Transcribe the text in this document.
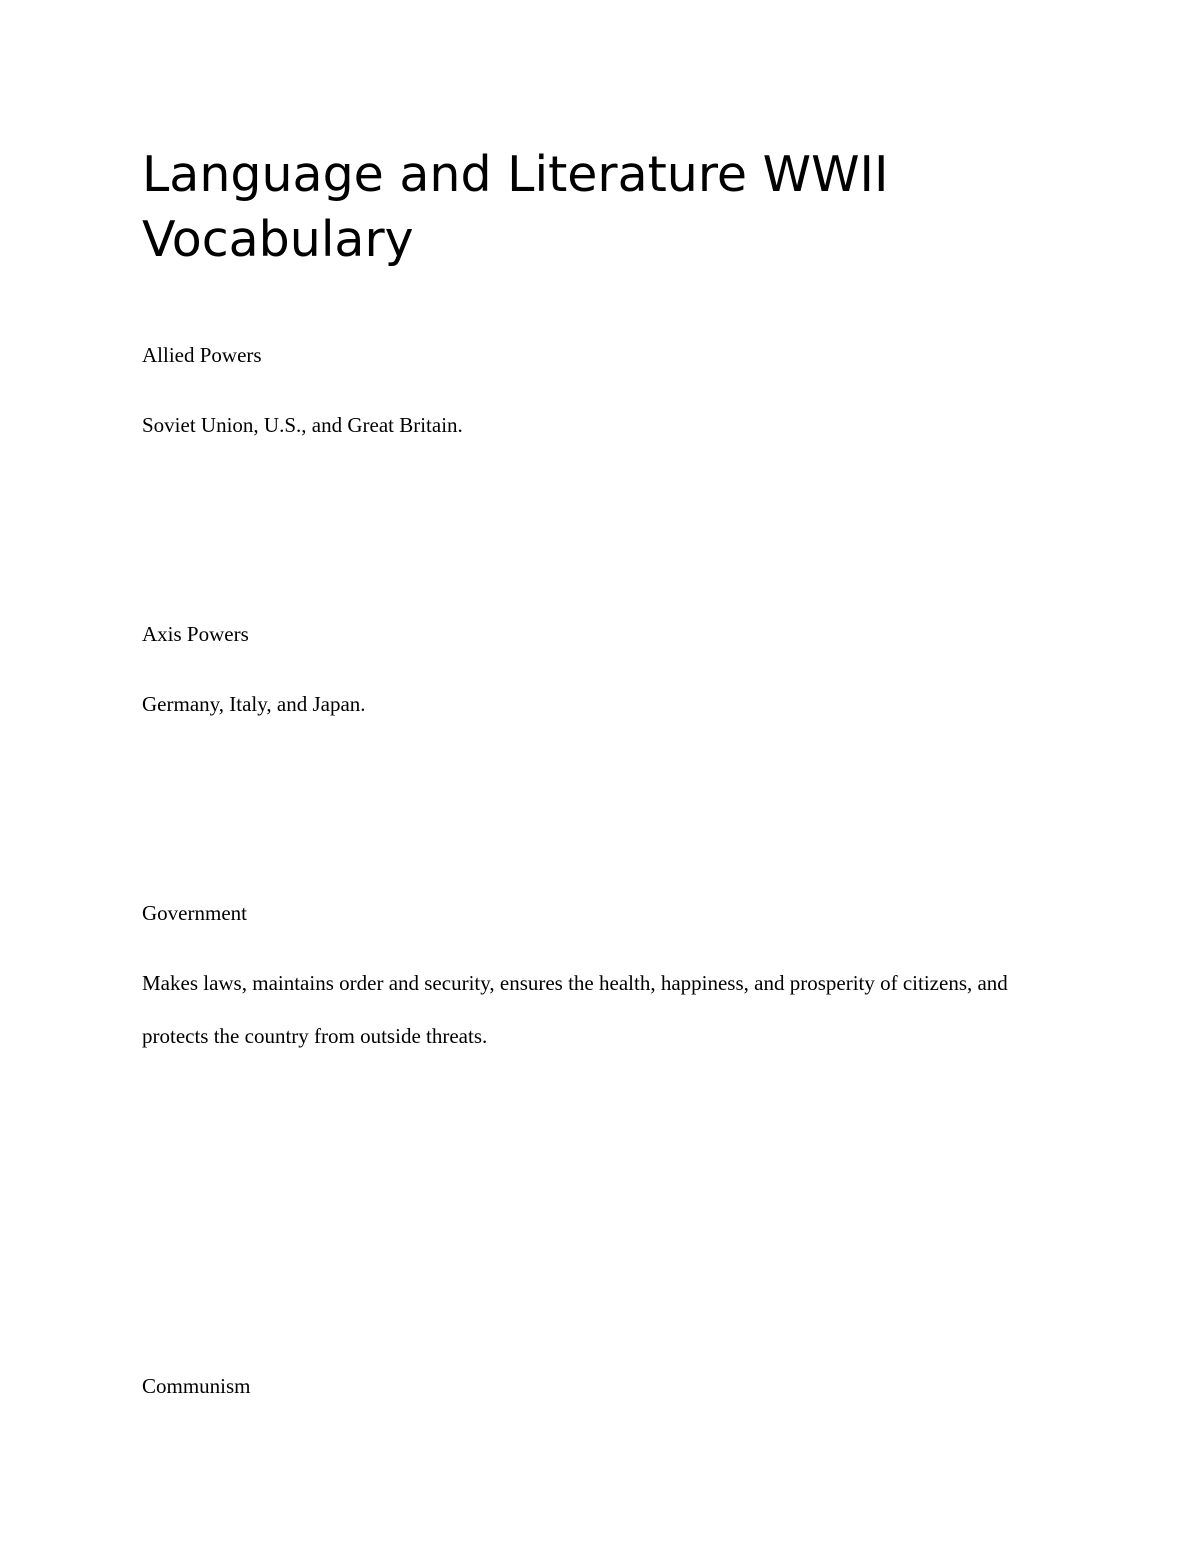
Language and Literature WWII Vocabulary

Allied Powers

Soviet Union, U.S., and Great Britain.

Axis Powers

Germany, Italy, and Japan.

Government

Makes laws, maintains order and security, ensures the health, happiness, and prosperity of citizens, and protects the country from outside threats.

Communism
